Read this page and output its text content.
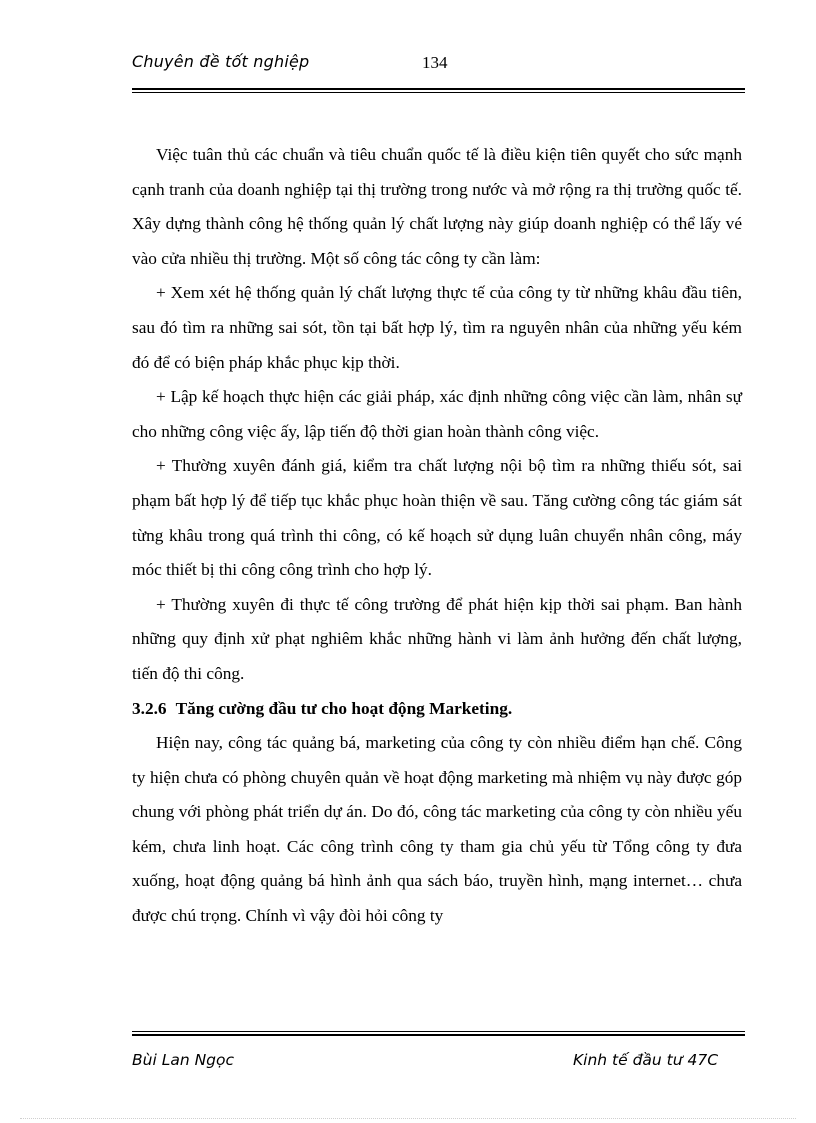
Chuyên đề tốt nghiệp	134

Việc tuân thủ các chuẩn và tiêu chuẩn quốc tế là điều kiện tiên quyết cho sức mạnh cạnh tranh của doanh nghiệp tại thị trường trong nước và mở rộng ra thị trường quốc tế. Xây dựng thành công hệ thống quản lý chất lượng này giúp doanh nghiệp có thể lấy vé vào cửa nhiều thị trường. Một số công tác công ty cần làm:

+ Xem xét hệ thống quản lý chất lượng thực tế của công ty từ những khâu đầu tiên, sau đó tìm ra những sai sót, tồn tại bất hợp lý, tìm ra nguyên nhân của những yếu kém đó để có biện pháp khắc phục kịp thời.

+ Lập kế hoạch thực hiện các giải pháp, xác định những công việc cần làm, nhân sự cho những công việc ấy, lập tiến độ thời gian hoàn thành công việc.

+ Thường xuyên đánh giá, kiểm tra chất lượng nội bộ tìm ra những thiếu sót, sai phạm bất hợp lý để tiếp tục khắc phục hoàn thiện về sau. Tăng cường công tác giám sát từng khâu trong quá trình thi công, có kế hoạch sử dụng luân chuyển nhân công, máy móc thiết bị thi công công trình cho hợp lý.

+ Thường xuyên đi thực tế công trường để phát hiện kịp thời sai phạm. Ban hành những quy định xử phạt nghiêm khắc những hành vi làm ảnh hưởng đến chất lượng, tiến độ thi công.

3.2.6 Tăng cường đầu tư cho hoạt động Marketing.

Hiện nay, công tác quảng bá, marketing của công ty còn nhiều điểm hạn chế. Công ty hiện chưa có phòng chuyên quản về hoạt động marketing mà nhiệm vụ này được góp chung với phòng phát triển dự án. Do đó, công tác marketing của công ty còn nhiều yếu kém, chưa linh hoạt. Các công trình công ty tham gia chủ yếu từ Tổng công ty đưa xuống, hoạt động quảng bá hình ảnh qua sách báo, truyền hình, mạng internet… chưa được chú trọng. Chính vì vậy đòi hỏi công ty

Bùi Lan Ngọc	Kinh tế đầu tư 47C
